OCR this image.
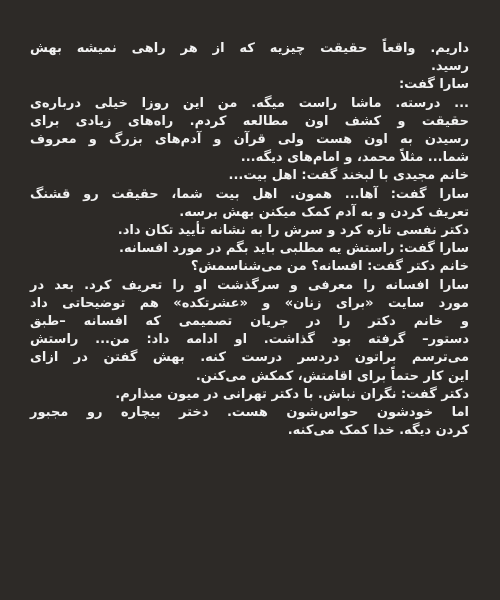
داریم. واقعاً حقیقت چیزیه که از هر راهی نمیشه بهش
رسید.
سارا گفت:
... درسته. ماشا راست میگه. من این روزا خیلی درباره‌ی
حقیقت و کشف اون مطالعه کردم. راه‌های زیادی برای
رسیدن به اون هست ولی قرآن و آدم‌های بزرگ و معروف
شما... مثلاً محمد، و امام‌های دیگه...
خانم مجیدی با لبخند گفت: اهل بیت...
سارا گفت: آها... همون. اهل بیت شما، حقیقت رو قشنگ
تعریف کردن و به آدم کمک میکنن بهش برسه.
دکتر نفسی تازه کرد و سرش را به نشانه تأیید تکان داد.
سارا گفت: راستش یه مطلبی باید بگم در مورد افسانه.
خانم دکتر گفت: افسانه؟ من می‌شناسمش؟
سارا افسانه را معرفی و سرگذشت او را تعریف کرد. بعد در
مورد سایت «برای زنان» و «عشرتکده» هم توضیحاتی داد
و خانم دکتر را در جریان تصمیمی که افسانه –طبق
دستور– گرفته بود گذاشت. او ادامه داد: من... راستش
می‌ترسم براتون دردسر درست کنه. بهش گفتن در ازای
این کار حتماً برای اقامتش، کمکش می‌کنن.
دکتر گفت: نگران نباش. با دکتر تهرانی در میون میذارم.
اما خودشون حواس‌شون هست. دختر بیچاره رو مجبور
کردن دیگه. خدا کمک می‌کنه.
